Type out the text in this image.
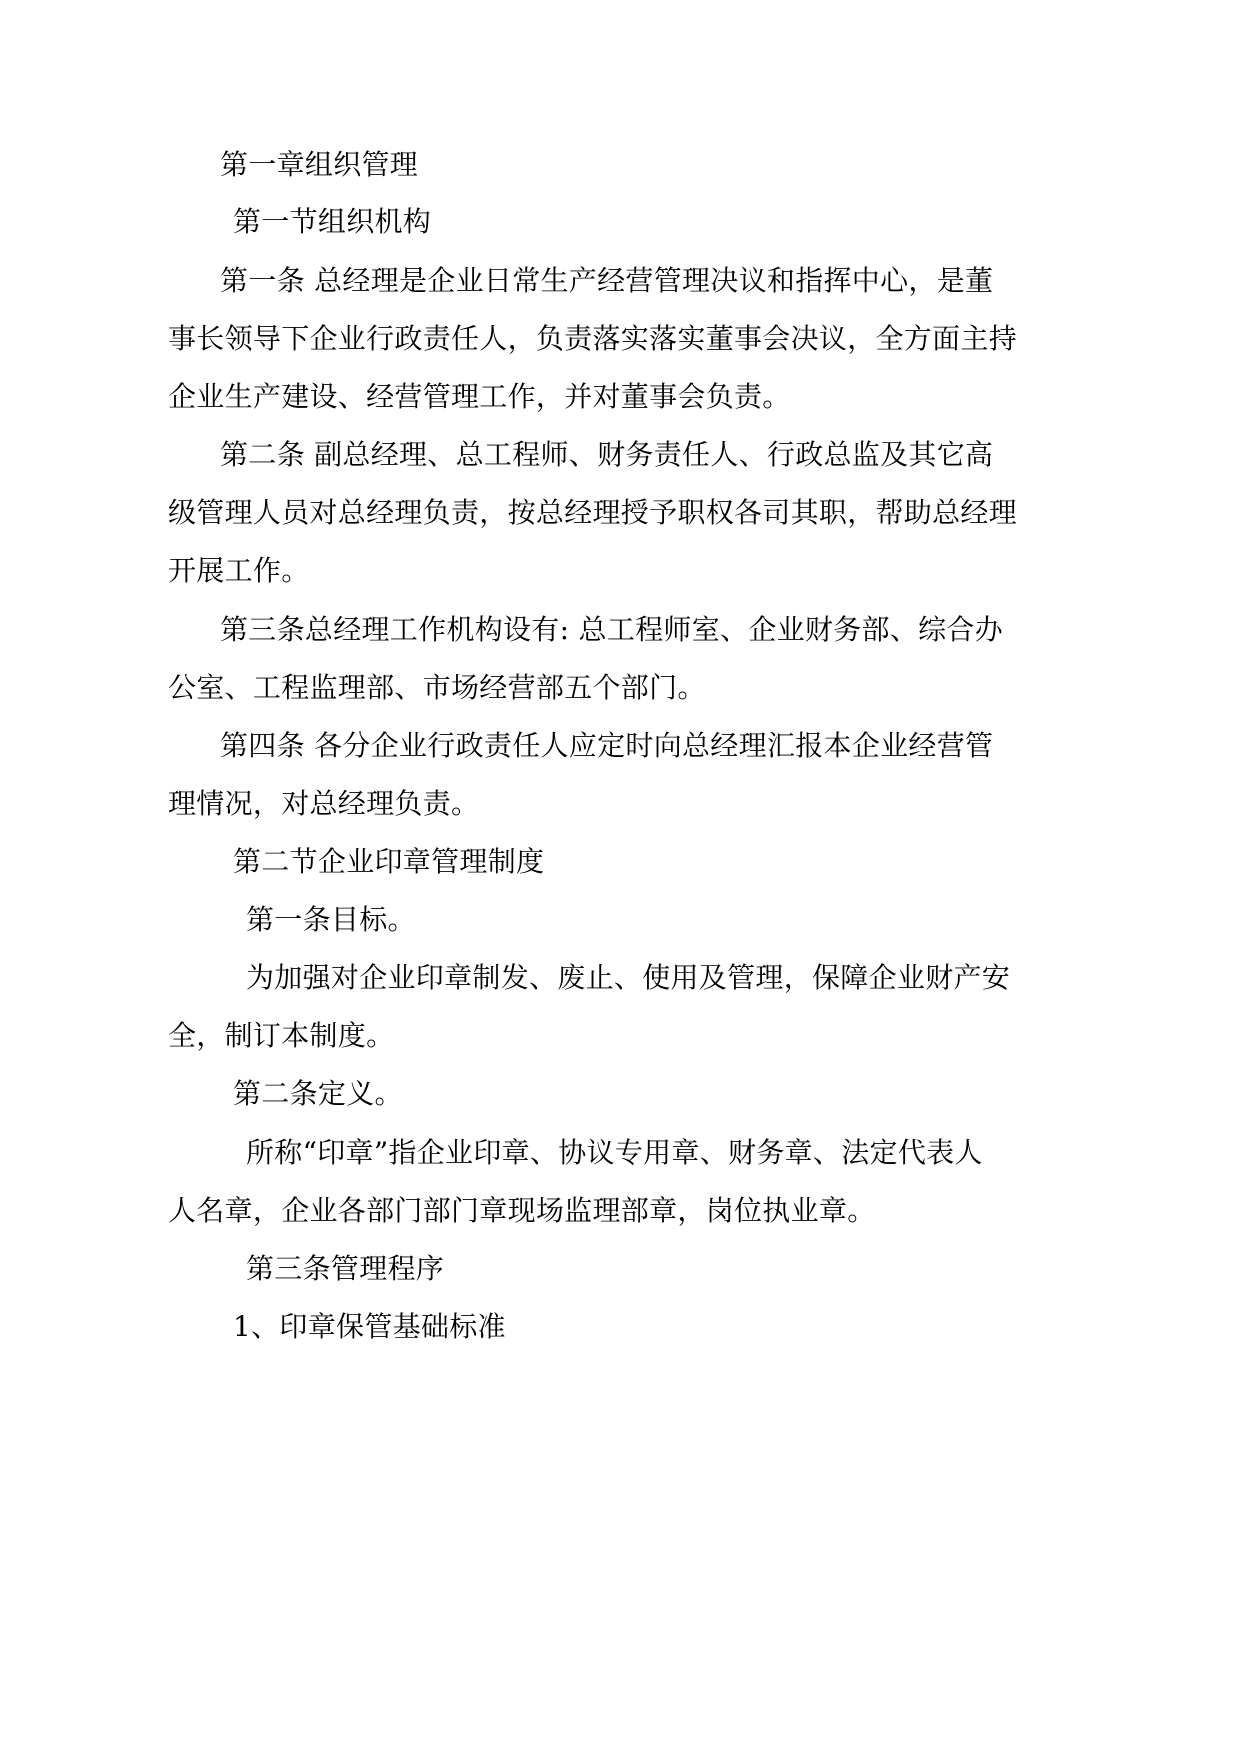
第一章组织管理

第一节组织机构

第一条 总经理是企业日常生产经营管理决议和指挥中心，是董

事长领导下企业行政责任人，负责落实落实董事会决议，全方面主持

企业生产建设、经营管理工作，并对董事会负责。

第二条 副总经理、总工程师、财务责任人、行政总监及其它高

级管理人员对总经理负责，按总经理授予职权各司其职，帮助总经理

开展工作。

第三条总经理工作机构设有: 总工程师室、企业财务部、综合办

公室、工程监理部、市场经营部五个部门。

第四条 各分企业行政责任人应定时向总经理汇报本企业经营管

理情况，对总经理负责。

第二节企业印章管理制度

第一条目标。

为加强对企业印章制发、废止、使用及管理，保障企业财产安

全，制订本制度。

第二条定义。

所称“印章”指企业印章、协议专用章、财务章、法定代表人

人名章，企业各部门部门章现场监理部章，岗位执业章。

第三条管理程序

1、印章保管基础标准
